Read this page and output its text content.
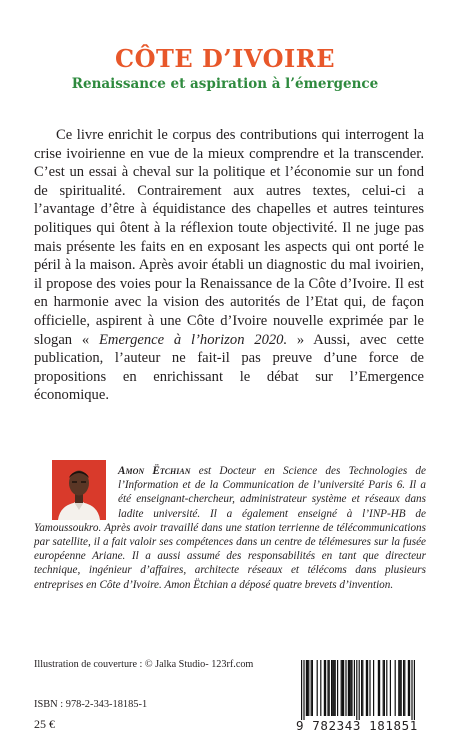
CÔTE D’IVOIRE
Renaissance et aspiration à l’émergence

Ce livre enrichit le corpus des contributions qui interrogent la crise ivoirienne en vue de la mieux comprendre et la transcender. C’est un essai à cheval sur la politique et l’économie sur un fond de spiritualité. Contrairement aux autres textes, celui-ci a l’avantage d’être à équidistance des chapelles et autres teintures politiques qui ôtent à la réflexion toute objectivité. Il ne juge pas mais présente les faits en en exposant les aspects qui ont porté le péril à la maison. Après avoir établi un diagnostic du mal ivoirien, il propose des voies pour la Renaissance de la Côte d’Ivoire. Il est en harmonie avec la vision des autorités de l’Etat qui, de façon officielle, aspirent à une Côte d’Ivoire nouvelle exprimée par le slogan « Emergence à l’horizon 2020. » Aussi, avec cette publication, l’auteur ne fait-il pas preuve d’une force de propositions en enrichissant le débat sur l’Emergence économique.

Amon Ëtchian est Docteur en Science des Technologies de l’Information et de la Communication de l’université Paris 6. Il a été enseignant-chercheur, administrateur système et réseaux dans ladite université. Il a également enseigné à l’INP-HB de Yamoussoukro. Après avoir travaillé dans une station terrienne de télécommunications par satellite, il a fait valoir ses compétences dans un centre de télémesures sur la fusée européenne Ariane. Il a aussi assumé des responsabilités en tant que directeur technique, ingénieur d’affaires, architecte réseaux et télécoms dans plusieurs entreprises en Côte d’Ivoire. Amon Ëtchian a déposé quatre brevets d’invention.

Illustration de couverture : © Jalka Studio- 123rf.com
ISBN : 978-2-343-18185-1
25 €	9 782343 181851
